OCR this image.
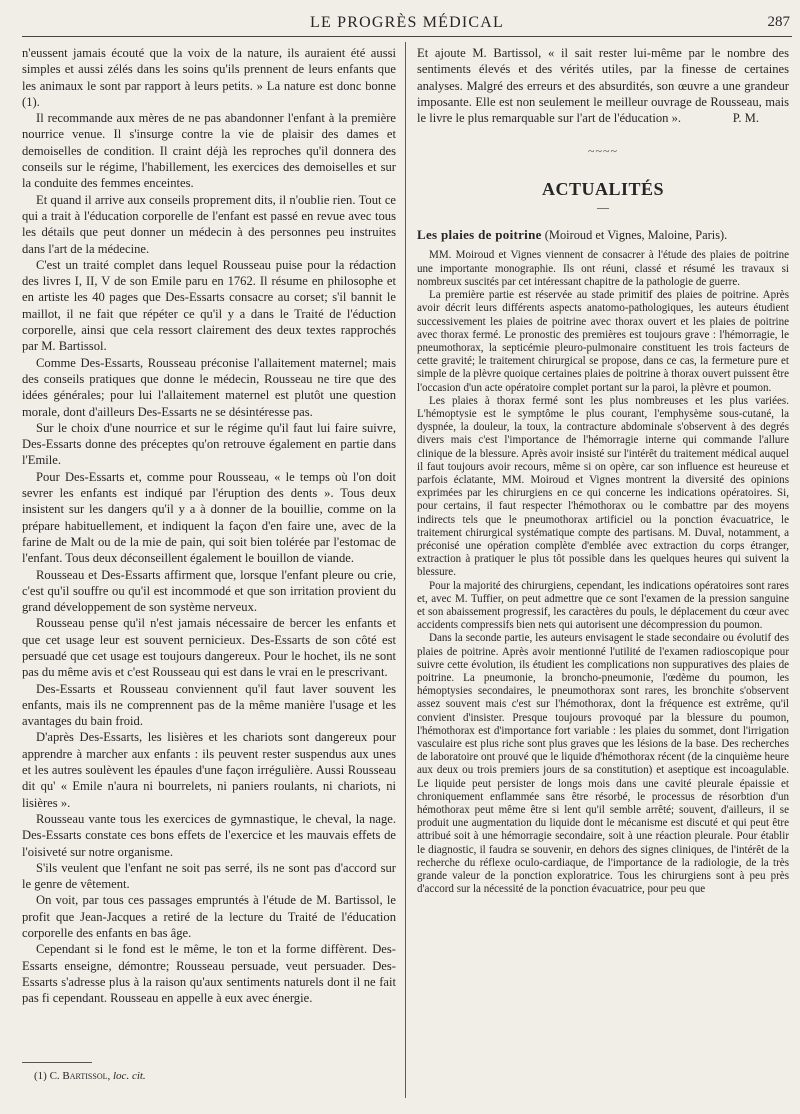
LE PROGRÈS MÉDICAL	287

n'eussent jamais écouté que la voix de la nature, ils auraient été aussi simples et aussi zélés dans les soins qu'ils prennent de leurs enfants que les animaux le sont par rapport à leurs petits. » La nature est donc bonne (1).

Il recommande aux mères de ne pas abandonner l'enfant à la première nourrice venue. Il s'insurge contre la vie de plaisir des dames et demoiselles de condition. Il craint déjà les reproches qu'il donnera des conseils sur le régime, l'habillement, les exercices des demoiselles et sur la conduite des femmes enceintes.

Et quand il arrive aux conseils proprement dits, il n'oublie rien. Tout ce qui a trait à l'éducation corporelle de l'enfant est passé en revue avec tous les détails que peut donner un médecin à des personnes peu instruites dans l'art de la médecine.

C'est un traité complet dans lequel Rousseau puise pour la rédaction des livres I, II, V de son Emile paru en 1762. Il résume en philosophe et en artiste les 40 pages que Des-Essarts consacre au corset; s'il bannit le maillot, il ne fait que répéter ce qu'il y a dans le Traité de l'éduction corporelle, ainsi que cela ressort clairement des deux textes rapprochés par M. Bartissol.

Comme Des-Essarts, Rousseau préconise l'allaitement maternel; mais des conseils pratiques que donne le médecin, Rousseau ne tire que des idées générales; pour lui l'allaitement maternel est plutôt une question morale, dont d'ailleurs Des-Essarts ne se désintéresse pas.

Sur le choix d'une nourrice et sur le régime qu'il faut lui faire suivre, Des-Essarts donne des préceptes qu'on retrouve également en partie dans l'Emile.

Pour Des-Essarts et, comme pour Rousseau, « le temps où l'on doit sevrer les enfants est indiqué par l'éruption des dents ». Tous deux insistent sur les dangers qu'il y a à donner de la bouillie, comme on la prépare habituellement, et indiquent la façon d'en faire une, avec de la farine de Malt ou de la mie de pain, qui soit bien tolérée par l'estomac de l'enfant. Tous deux déconseillent également le bouillon de viande.

Rousseau et Des-Essarts affirment que, lorsque l'enfant pleure ou crie, c'est qu'il souffre ou qu'il est incommodé et que son irritation provient du grand développement de son système nerveux.

Rousseau pense qu'il n'est jamais nécessaire de bercer les enfants et que cet usage leur est souvent pernicieux. Des-Essarts de son côté est persuadé que cet usage est toujours dangereux. Pour le hochet, ils ne sont pas du même avis et c'est Rousseau qui est dans le vrai en le prescrivant.

Des-Essarts et Rousseau conviennent qu'il faut laver souvent les enfants, mais ils ne comprennent pas de la même manière l'usage et les avantages du bain froid.

D'après Des-Essarts, les lisières et les chariots sont dangereux pour apprendre à marcher aux enfants : ils peuvent rester suspendus aux unes et les autres soulèvent les épaules d'une façon irrégulière. Aussi Rousseau dit qu' « Emile n'aura ni bourrelets, ni paniers roulants, ni chariots, ni lisières ».

Rousseau vante tous les exercices de gymnastique, le cheval, la nage. Des-Essarts constate ces bons effets de l'exercice et les mauvais effets de l'oisiveté sur notre organisme.

S'ils veulent que l'enfant ne soit pas serré, ils ne sont pas d'accord sur le genre de vêtement.

On voit, par tous ces passages empruntés à l'étude de M. Bartissol, le profit que Jean-Jacques a retiré de la lecture du Traité de l'éducation corporelle des enfants en bas âge.

Cependant si le fond est le même, le ton et la forme diffèrent. Des-Essarts enseigne, démontre; Rousseau persuade, veut persuader. Des-Essarts s'adresse plus à la raison qu'aux sentiments naturels dont il ne fait pas fi cependant. Rousseau en appelle à eux avec énergie.

(1) C. Bartissol, loc. cit.

Et ajoute M. Bartissol, « il sait rester lui-même par le nombre des sentiments élevés et des vérités utiles, par la finesse de certaines analyses. Malgré des erreurs et des absurdités, son œuvre a une grandeur imposante. Elle est non seulement le meilleur ouvrage de Rousseau, mais le livre le plus remarquable sur l'art de l'éducation ».	P. M.

~~~~
ACTUALITÉS
—
Les plaies de poitrine (Moiroud et Vignes, Maloine, Paris).

MM. Moiroud et Vignes viennent de consacrer à l'étude des plaies de poitrine une importante monographie. Ils ont réuni, classé et résumé les travaux si nombreux suscités par cet intéressant chapitre de la pathologie de guerre.

La première partie est réservée au stade primitif des plaies de poitrine. Après avoir décrit leurs différents aspects anatomo-pathologiques, les auteurs étudient successivement les plaies de poitrine avec thorax ouvert et les plaies de poitrine avec thorax fermé. Le pronostic des premières est toujours grave : l'hémorragie, le pneumothorax, la septicémie pleuro-pulmonaire constituent les trois facteurs de cette gravité; le traitement chirurgical se propose, dans ce cas, la fermeture pure et simple de la plèvre quoique certaines plaies de poitrine à thorax ouvert puissent être l'occasion d'un acte opératoire complet portant sur la paroi, la plèvre et poumon.

Les plaies à thorax fermé sont les plus nombreuses et les plus variées. L'hémoptysie est le symptôme le plus courant, l'emphysème sous-cutané, la dyspnée, la douleur, la toux, la contracture abdominale s'observent à des degrés divers mais c'est l'importance de l'hémorragie interne qui commande l'allure clinique de la blessure. Après avoir insisté sur l'intérêt du traitement médical auquel il faut toujours avoir recours, même si on opère, car son influence est heureuse et parfois éclatante, MM. Moiroud et Vignes montrent la diversité des opinions exprimées par les chirurgiens en ce qui concerne les indications opératoires. Si, pour certains, il faut respecter l'hémothorax ou le combattre par des moyens indirects tels que le pneumothorax artificiel ou la ponction évacuatrice, le traitement chirurgical systématique compte des partisans. M. Duval, notamment, a préconisé une opération complète d'emblée avec extraction du corps étranger, extraction à pratiquer le plus tôt possible dans les quelques heures qui suivent la blessure.

Pour la majorité des chirurgiens, cependant, les indications opératoires sont rares et, avec M. Tuffier, on peut admettre que ce sont l'examen de la pression sanguine et son abaissement progressif, les caractères du pouls, le déplacement du cœur avec accidents compressifs bien nets qui autorisent une décompression du poumon.

Dans la seconde partie, les auteurs envisagent le stade secondaire ou évolutif des plaies de poitrine. Après avoir mentionné l'utilité de l'examen radioscopique pour suivre cette évolution, ils étudient les complications non suppuratives des plaies de poitrine. La pneumonie, la broncho-pneumonie, l'œdème du poumon, les hémoptysies secondaires, le pneumothorax sont rares, les bronchite s'observent assez souvent mais c'est sur l'hémothorax, dont la fréquence est extrême, qu'il convient d'insister. Presque toujours provoqué par la blessure du poumon, l'hémothorax est d'importance fort variable : les plaies du sommet, dont l'irrigation vasculaire est plus riche sont plus graves que les lésions de la base. Des recherches de laboratoire ont prouvé que le liquide d'hémothorax récent (de la cinquième heure aux deux ou trois premiers jours de sa constitution) et aseptique est incoagulable. Le liquide peut persister de longs mois dans une cavité pleurale épaissie et chroniquement enflammée sans être résorbé, le processus de résorbtion d'un hémothorax peut même être si lent qu'il semble arrêté; souvent, d'ailleurs, il se produit une augmentation du liquide dont le mécanisme est discuté et qui peut être attribué soit à une hémorragie secondaire, soit à une réaction pleurale. Pour établir le diagnostic, il faudra se souvenir, en dehors des signes cliniques, de l'intérêt de la recherche du réflexe oculo-cardiaque, de l'importance de la radiologie, de la très grande valeur de la ponction exploratrice. Tous les chirurgiens sont à peu près d'accord sur la nécessité de la ponction évacuatrice, pour peu que
